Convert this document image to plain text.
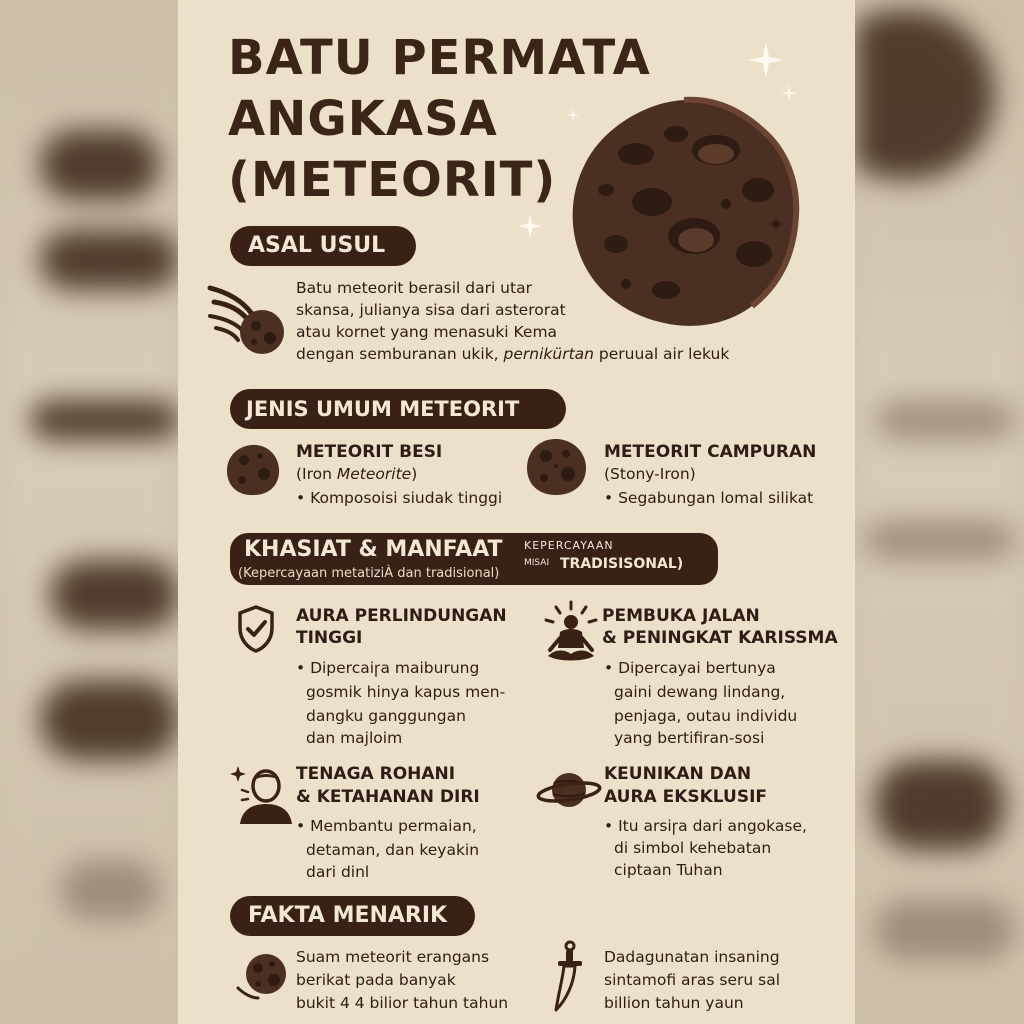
BATU PERMATA
ANGKASA
(METEORIT)
ASAL USUL

Batu meteorit berasil dari utar

skansa, julianya sisa dari asterorat

atau kornet yang menasuki Kema

dengan semburanan ukik, pernikürtan peruual air lekuk

JENIS UMUM METEORIT

METEORIT BESI

(Iron Meteorite)

• Komposoisi siudak tinggi

METEORIT CAMPURAN

(Stony-Iron)

• Segabungan lomal silikat

KHASIAT & MANFAAT
(Kepercayaan metatiziÀ dan tradisional)
KEPERCAYAAN
MISAI TRADISISONAL)

AURA PERLINDUNGAN

TINGGI

• Dipercaiꞅa maiburung

gosmik hinya kapus men-

dangku ganggungan

dan majloim

PEMBUKA JALAN

& PENINGKAT KARISSMA

• Dipercayai bertunya

gaini dewang lindang,

penjaga, outau individu

yang bertifiran-sosi

TENAGA ROHANI

& KETAHANAN DIRI

• Membantu permaian,

detaman, dan keyakin

dari dinl

KEUNIKAN DAN

AURA EKSKLUSIF

• Itu arsiꞅa dari angokase,

di simbol kehebatan

ciptaan Tuhan

FAKTA MENARIK

Suam meteorit erangans

berikat pada banyak

bukit 4 4 bilior tahun tahun

Dadagunatan insaning

sintamofi aras seru sal

billion tahun yaun
